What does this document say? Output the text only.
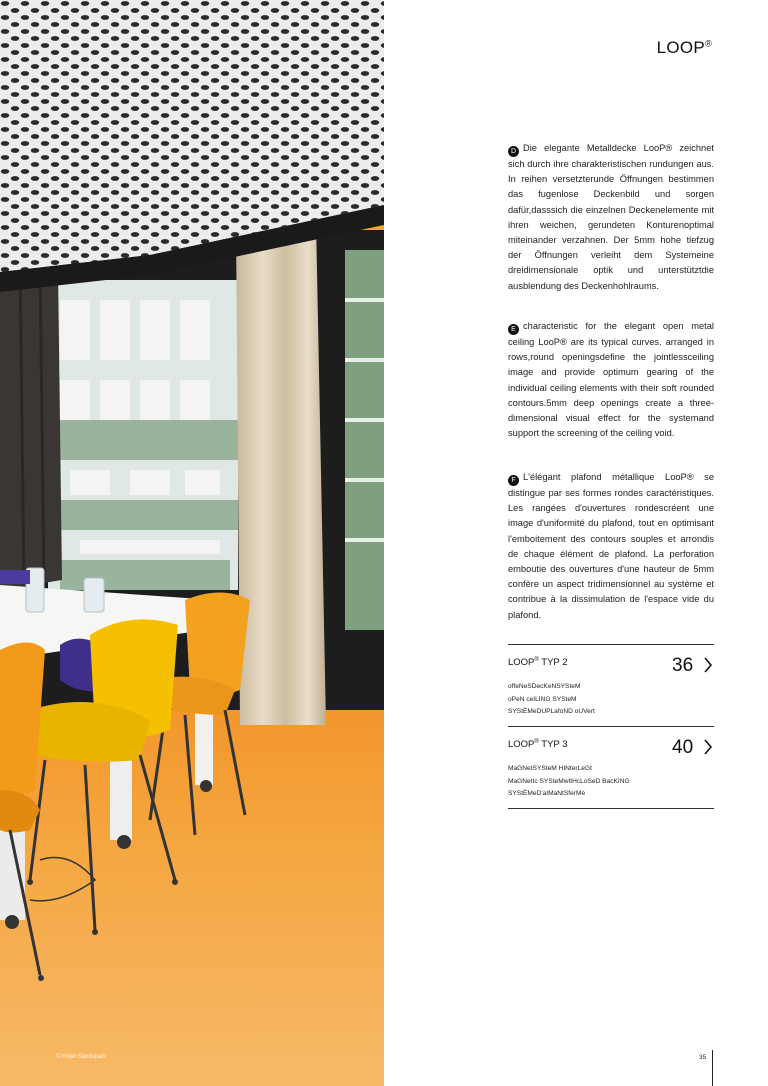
© Hotel Säntispark
LOOP®
D Die elegante Metalldecke LooP® zeichnet sich durch ihre charakteristischen rundungen aus. In reihen versetzterunde Öffnungen bestimmen das fugenlose Deckenbild und sorgen dafür,dasssich die einzelnen Deckenelemente mit ihren weichen, gerundeten Konturenoptimal miteinander verzahnen. Der 5mm hohe tiefzug der Öffnungen verleiht dem Systemeine dreidimensionale optik und unterstütztdie ausblendung des Deckenhohlraums.
E characteristic for the elegant open metal ceiling LooP® are its typical curves. arranged in rows,round openingsdefine the jointlessceiling image and provide optimum gearing of the individual ceiling elements with their soft rounded contours.5mm deep openings create a three-dimensional visual effect for the systemand support the screening of the ceiling void.
F L'élégant plafond métallique LooP® se distingue par ses formes rondes caractéristiques. Les rangées d'ouvertures rondescréent une image d'uniformité du plafond, tout en optimisant l'emboitement des contours souples et arrondis de chaque élément de plafond. La perforation emboutie des ouvertures d'une hauteur de 5mm confère un aspect tridimensionnel au système et contribue à la dissimulation de l'espace vide du plafond.
LOOP® TYP 2	36
offeNeSDecKeNSYSteM
oPeN ceILING SYSteM
SYStÈMeDUPLafoND oUVert
LOOP® TYP 3	40
MaGNetSYSteM HINterLeGt
MaGNetIc SYSteMwItHcLoSeD BacKING
SYStÈMeD'aIMaNtSferMé
35
